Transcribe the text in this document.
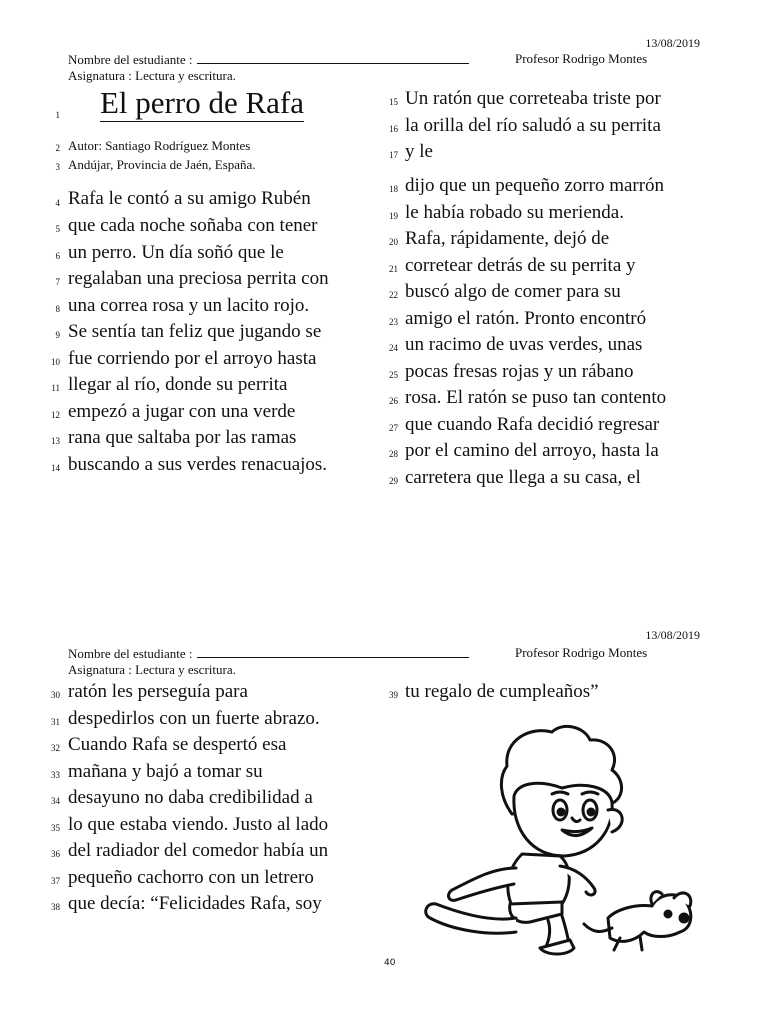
13/08/2019
Nombre del estudiante :	Profesor Rodrigo Montes
Asignatura : Lectura y escritura.
1 El perro de Rafa
2 Autor: Santiago Rodríguez Montes
3 Andújar, Provincia de Jaén, España.
4 Rafa le contó a su amigo Rubén
5 que cada noche soñaba con tener
6 un perro. Un día soñó que le
7 regalaban una preciosa perrita con
8 una correa rosa y un lacito rojo.
9 Se sentía tan feliz que jugando se
10 fue corriendo por el arroyo hasta
11 llegar al río, donde su perrita
12 empezó a jugar con una verde
13 rana que saltaba por las ramas
14 buscando a sus verdes renacuajos.
15 Un ratón que correteaba triste por
16 la orilla del río saludó a su perrita
17 y le
18 dijo que un pequeño zorro marrón
19 le había robado su merienda.
20 Rafa, rápidamente, dejó de
21 corretear detrás de su perrita y
22 buscó algo de comer para su
23 amigo el ratón. Pronto encontró
24 un racimo de uvas verdes, unas
25 pocas fresas rojas y un rábano
26 rosa. El ratón se puso tan contento
27 que cuando Rafa decidió regresar
28 por el camino del arroyo, hasta la
29 carretera que llega a su casa, el
13/08/2019
Nombre del estudiante :	Profesor Rodrigo Montes
Asignatura : Lectura y escritura.
30 ratón les perseguía para
31 despedirlos con un fuerte abrazo.
32 Cuando Rafa se despertó esa
33 mañana y bajó a tomar su
34 desayuno no daba credibilidad a
35 lo que estaba viendo. Justo al lado
36 del radiador del comedor había un
37 pequeño cachorro con un letrero
38 que decía: “Felicidades Rafa, soy
39 tu regalo de cumpleaños”
40
